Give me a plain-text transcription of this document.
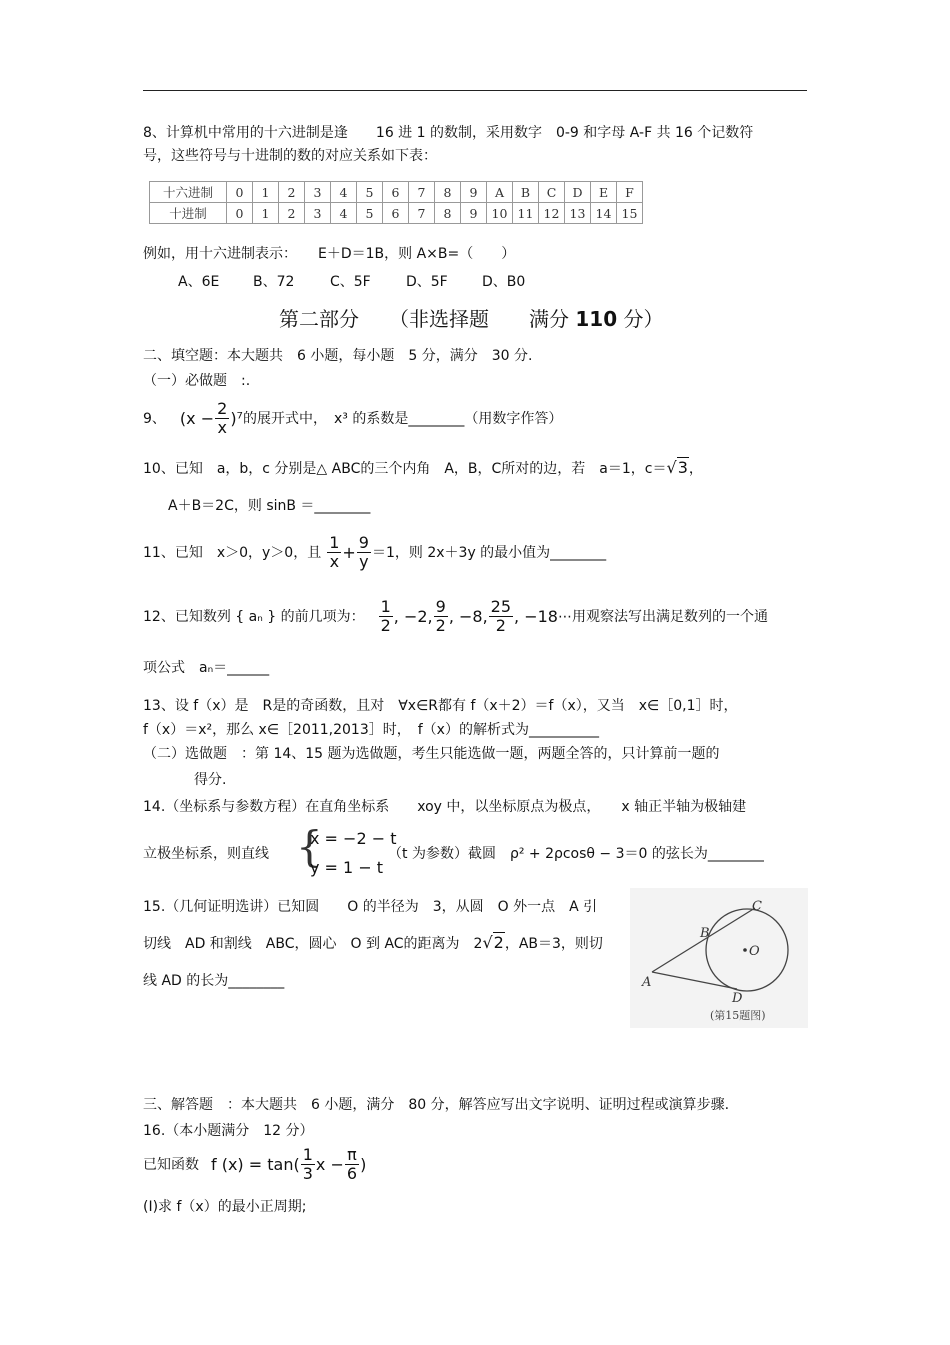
8、计算机中常用的十六进制是逢　　16 进 1 的数制，采用数字　0-9 和字母 A-F 共 16 个记数符
号，这些符号与十进制的数的对应关系如下表：
十六进制	0	1	2	3	4	5	6	7	8	9	A	B	C	D	E	F
十进制	0	1	2	3	4	5	6	7	8	9	10	11	12	13	14	15
例如，用十六进制表示：　　E＋D＝1B，则 A×B=（　　）
A、6E B、72	C、5F	D、5F D、B0
第二部分　　（非选择题　　满分 110 分）
二、填空题：本大题共　6 小题，每小题　5 分，满分　30 分.
（一）必做题　:.
9、 $(x - \frac{2}{x} )^7$ 的展开式中，　x³ 的系数是________（用数字作答）
10、已知　a，b，c 分别是△ ABC的三个内角　A，B，C所对的边，若　a＝1，c＝√3，
A＋B＝2C，则 sinB ＝________
11、已知　x＞0，y＞0，且 $\frac{1}{x} + \frac{9}{y} =1$，则 2x＋3y 的最小值为________
12、已知数列 { aₙ } 的前几项为： $\frac{1}{2}$ , −2, $\frac{9}{2}$ , −8, $\frac{25}{2}$ , −18 ⋯用观察法写出满足数列的一个通
项公式　aₙ＝______
13、设 f（x）是　R是的奇函数，且对　∀x∈R都有 f（x＋2）＝f（x），又当　x∈［0,1］时，
f（x）＝x²，那么 x∈［2011,2013］时，　f（x）的解析式为__________
（二）选做题　：第 14、15 题为选做题，考生只能选做一题，两题全答的，只计算前一题的
得分.
14.（坐标系与参数方程）在直角坐标系　　xoy 中，以坐标原点为极点，　　x 轴正半轴为极轴建
立极坐标系，则直线 {
x = −2 − t
y = 1 − t
（t 为参数）截圆　ρ² + 2ρcosθ − 3＝0 的弦长为________
15.（几何证明选讲）已知圆　　O 的半径为　3，从圆　O 外一点　A 引
切线　AD 和割线　ABC，圆心　O 到 AC的距离为　2√2，AB＝3，则切
线 AD 的长为________
C
B
O
A
D
(第15题图)
三、解答题　：本大题共　6 小题，满分　80 分，解答应写出文字说明、证明过程或演算步骤.
16.（本小题满分　12 分）
已知函数 f $(x) = \tan( \frac{1}{3}$ $x - \frac{\pi}{6}$ )
(I)求 f（x）的最小正周期;
